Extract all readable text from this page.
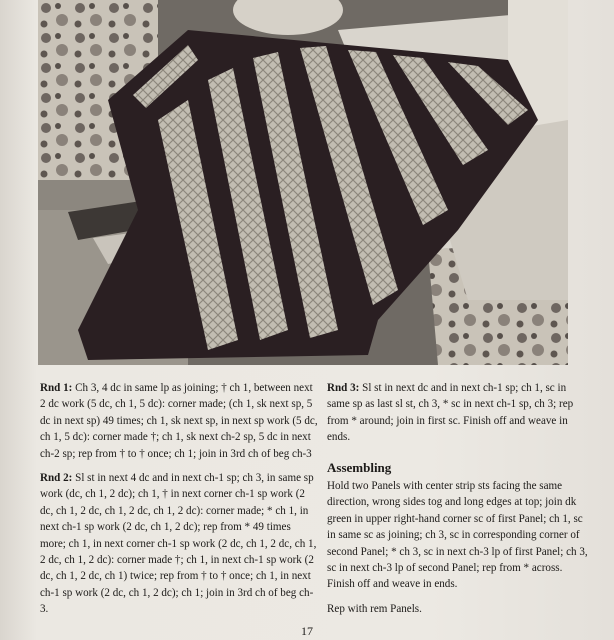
Rnd 1: Ch 3, 4 dc in same lp as joining; † ch 1, between next 2 dc work (5 dc, ch 1, 5 dc): corner made; (ch 1, sk next sp, 5 dc in next sp) 49 times; ch 1, sk next sp, in next sp work (5 dc, ch 1, 5 dc): corner made †; ch 1, sk next ch-2 sp, 5 dc in next ch-2 sp; rep from † to † once; ch 1; join in 3rd ch of beg ch-3

Rnd 2: Sl st in next 4 dc and in next ch-1 sp; ch 3, in same sp work (dc, ch 1, 2 dc); ch 1, † in next corner ch-1 sp work (2 dc, ch 1, 2 dc, ch 1, 2 dc, ch 1, 2 dc): corner made; * ch 1, in next ch-1 sp work (2 dc, ch 1, 2 dc); rep from * 49 times more; ch 1, in next corner ch-1 sp work (2 dc, ch 1, 2 dc, ch 1, 2 dc, ch 1, 2 dc): corner made †; ch 1, in next ch-1 sp work (2 dc, ch 1, 2 dc, ch 1) twice; rep from † to † once; ch 1, in next ch-1 sp work (2 dc, ch 1, 2 dc); ch 1; join in 3rd ch of beg ch-3.

Rnd 3: Sl st in next dc and in next ch-1 sp; ch 1, sc in same sp as last sl st, ch 3, * sc in next ch-1 sp, ch 3; rep from * around; join in first sc. Finish off and weave in ends.

Assembling

Hold two Panels with center strip sts facing the same direction, wrong sides tog and long edges at top; join dk green in upper right-hand corner sc of first Panel; ch 1, sc in same sc as joining; ch 3, sc in corresponding corner of second Panel; * ch 3, sc in next ch-3 lp of first Panel; ch 3, sc in next ch-3 lp of second Panel; rep from * across. Finish off and weave in ends.

Rep with rem Panels.

17
